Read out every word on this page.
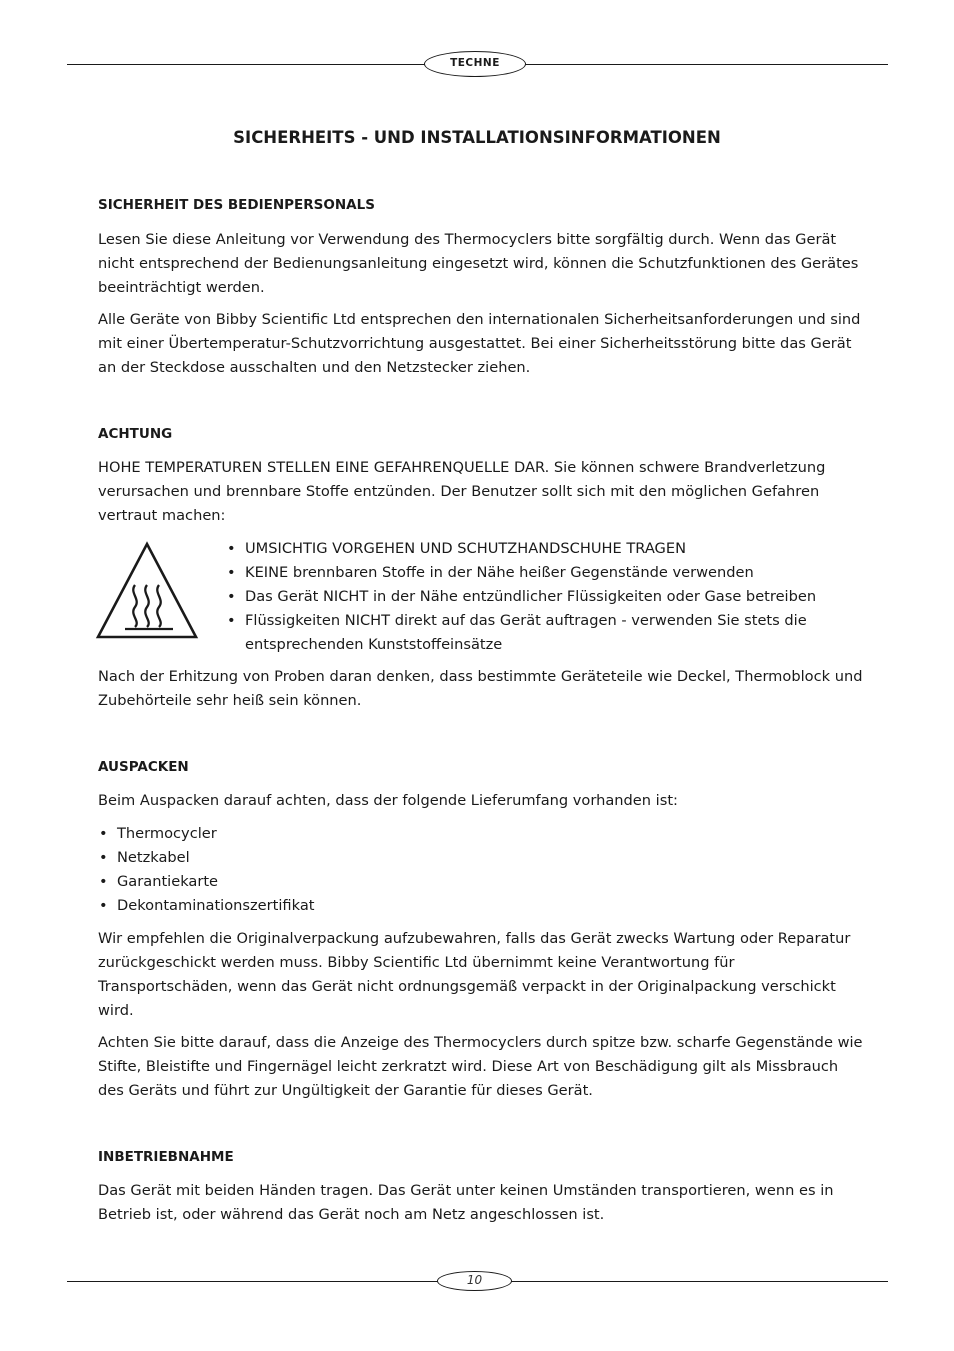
TECHNE
SICHERHEITS - UND INSTALLATIONSINFORMATIONEN
SICHERHEIT DES BEDIENPERSONALS

Lesen Sie diese Anleitung vor Verwendung des Thermocyclers bitte sorgfältig durch. Wenn das Gerät nicht entsprechend der Bedienungsanleitung eingesetzt wird, können die Schutzfunktionen des Gerätes beeinträchtigt werden.

Alle Geräte von Bibby Scientific Ltd entsprechen den internationalen Sicherheitsanforderungen und sind mit einer Übertemperatur-Schutzvorrichtung ausgestattet. Bei einer Sicherheitsstörung bitte das Gerät an der Steckdose ausschalten und den Netzstecker ziehen.

ACHTUNG

HOHE TEMPERATUREN STELLEN EINE GEFAHRENQUELLE DAR. Sie können schwere Brandverletzung verursachen und brennbare Stoffe entzünden. Der Benutzer sollt sich mit den möglichen Gefahren vertraut machen:

• UMSICHTIG VORGEHEN UND SCHUTZHANDSCHUHE TRAGEN
• KEINE brennbaren Stoffe in der Nähe heißer Gegenstände verwenden
• Das Gerät NICHT in der Nähe entzündlicher Flüssigkeiten oder Gase betreiben
• Flüssigkeiten NICHT direkt auf das Gerät auftragen - verwenden Sie stets die entsprechenden Kunststoffeinsätze

Nach der Erhitzung von Proben daran denken, dass bestimmte Geräteteile wie Deckel, Thermoblock und Zubehörteile sehr heiß sein können.

AUSPACKEN

Beim Auspacken darauf achten, dass der folgende Lieferumfang vorhanden ist:

• Thermocycler
• Netzkabel
• Garantiekarte
• Dekontaminationszertifikat

Wir empfehlen die Originalverpackung aufzubewahren, falls das Gerät zwecks Wartung oder Reparatur zurückgeschickt werden muss. Bibby Scientific Ltd übernimmt keine Verantwortung für Transportschäden, wenn das Gerät nicht ordnungsgemäß verpackt in der Originalpackung verschickt wird.

Achten Sie bitte darauf, dass die Anzeige des Thermocyclers durch spitze bzw. scharfe Gegenstände wie Stifte, Bleistifte und Fingernägel leicht zerkratzt wird. Diese Art von Beschädigung gilt als Missbrauch des Geräts und führt zur Ungültigkeit der Garantie für dieses Gerät.

INBETRIEBNAHME

Das Gerät mit beiden Händen tragen. Das Gerät unter keinen Umständen transportieren, wenn es in Betrieb ist, oder während das Gerät noch am Netz angeschlossen ist.

10
